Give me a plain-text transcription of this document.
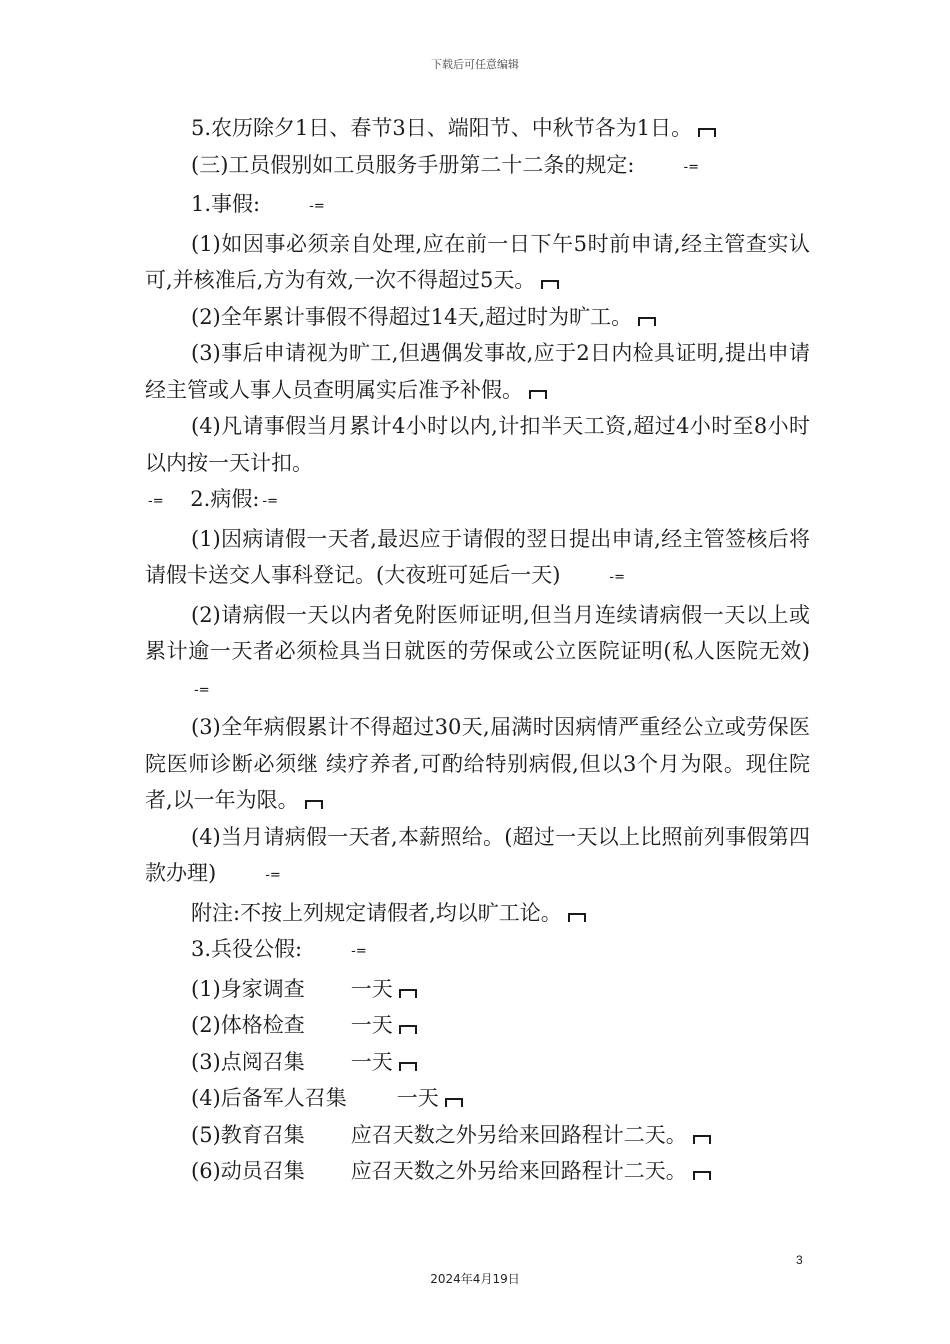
下载后可任意编辑

5.农历除夕1日、春节3日、端阳节、中秋节各为1日。

(三)工员假别如工员服务手册第二十二条的规定:	-=

1.事假:	-=

(1)如因事必须亲自处理,应在前一日下午5时前申请,经主管查实认可,并核准后,方为有效,一次不得超过5天。

(2)全年累计事假不得超过14天,超过时为旷工。

(3)事后申请视为旷工,但遇偶发事故,应于2日内检具证明,提出申请经主管或人事人员查明属实后准予补假。

(4)凡请事假当月累计4小时以内,计扣半天工资,超过4小时至8小时以内按一天计扣。

-= 2.病假: -=

(1)因病请假一天者,最迟应于请假的翌日提出申请,经主管签核后将请假卡送交人事科登记。(大夜班可延后一天)	-=

(2)请病假一天以内者免附医师证明,但当月连续请病假一天以上或累计逾一天者必须检具当日就医的劳保或公立医院证明(私人医院无效)-=

(3)全年病假累计不得超过30天,届满时因病情严重经公立或劳保医院医师诊断必须继 续疗养者,可酌给特别病假,但以3个月为限。现住院者,以一年为限。

(4)当月请病假一天者,本薪照给。(超过一天以上比照前列事假第四款办理)	-=

附注:不按上列规定请假者,均以旷工论。

3.兵役公假:	-=

(1)身家调查 一天

(2)体格检查 一天

(3)点阅召集 一天

(4)后备军人召集 一天

(5)教育召集 应召天数之外另给来回路程计二天。

(6)动员召集 应召天数之外另给来回路程计二天。

3
2024年4月19日
